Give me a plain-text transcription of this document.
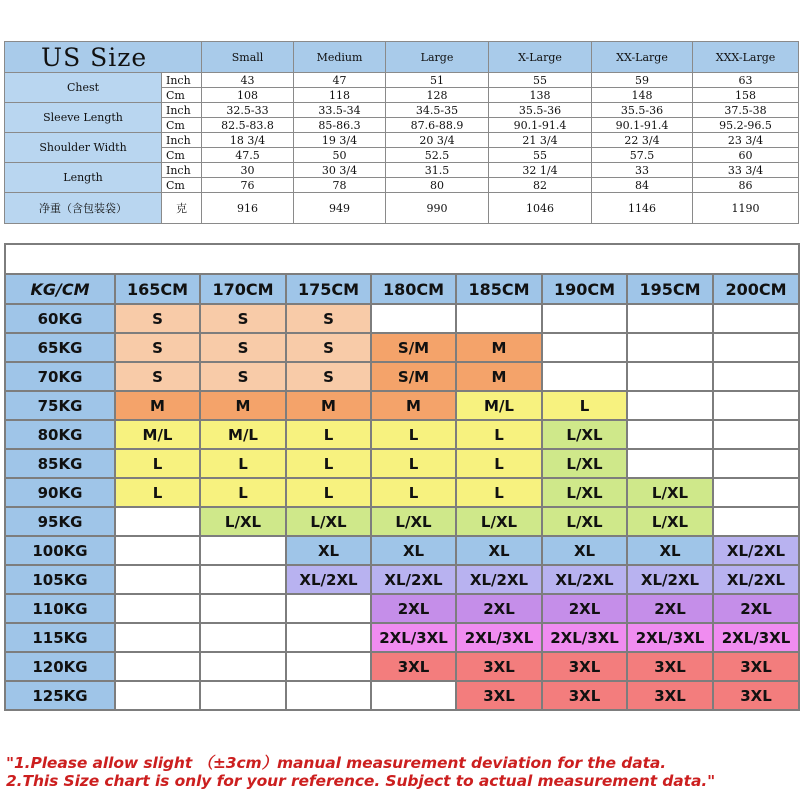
US Size		Small	Medium	Large	X-Large	XX-Large	XXX-Large
Chest	Inch	43	47	51	55	59	63
	Cm	108	118	128	138	148	158
Sleeve Length	Inch	32.5-33	33.5-34	34.5-35	35.5-36	35.5-36	37.5-38
	Cm	82.5-83.8	85-86.3	87.6-88.9	90.1-91.4	90.1-91.4	95.2-96.5
Shoulder Width	Inch	18 3/4	19 3/4	20 3/4	21 3/4	22 3/4	23 3/4
	Cm	47.5	50	52.5	55	57.5	60
Length	Inch	30	30 3/4	31.5	32 1/4	33	33 3/4
	Cm	76	78	80	82	84	86
净重（含包装袋）	克	916	949	990	1046	1146	1190

KG/CM	165CM	170CM	175CM	180CM	185CM	190CM	195CM	200CM
60KG	S	S	S					
65KG	S	S	S	S/M	M			
70KG	S	S	S	S/M	M			
75KG	M	M	M	M	M/L	L		
80KG	M/L	M/L	L	L	L	L/XL		
85KG	L	L	L	L	L	L/XL		
90KG	L	L	L	L	L	L/XL	L/XL	
95KG		L/XL	L/XL	L/XL	L/XL	L/XL	L/XL	
100KG			XL	XL	XL	XL	XL	XL/2XL
105KG			XL/2XL	XL/2XL	XL/2XL	XL/2XL	XL/2XL	XL/2XL
110KG				2XL	2XL	2XL	2XL	2XL
115KG				2XL/3XL	2XL/3XL	2XL/3XL	2XL/3XL	2XL/3XL
120KG				3XL	3XL	3XL	3XL	3XL
125KG					3XL	3XL	3XL	3XL
"1.Please allow slight （±3cm）manual measurement deviation for the data.
2.This Size chart is only for your reference. Subject to actual measurement data."
